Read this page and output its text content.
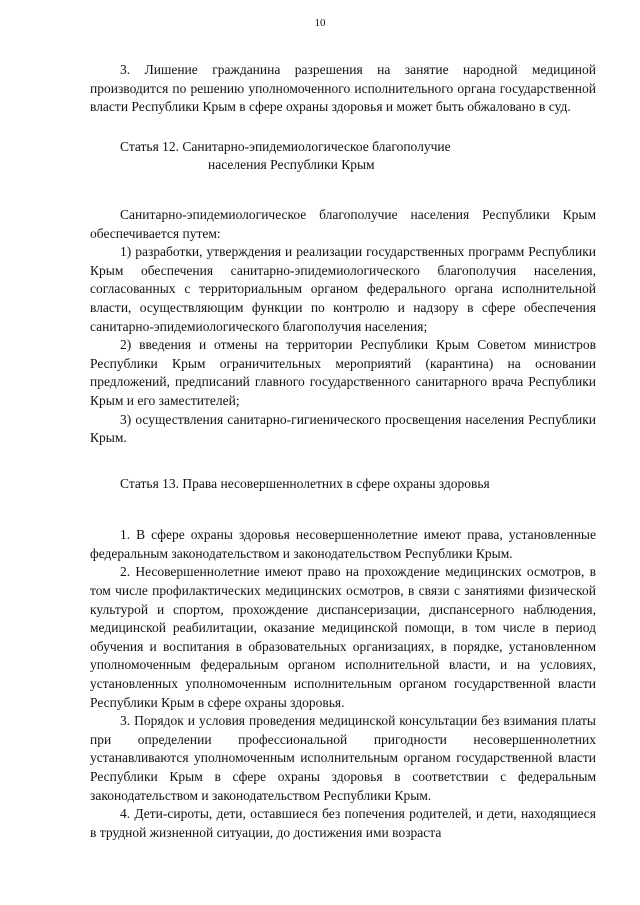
10

3. Лишение гражданина разрешения на занятие народной медициной производится по решению уполномоченного исполнительного органа государственной власти Республики Крым в сфере охраны здоровья и может быть обжаловано в суд.

Статья 12. Санитарно-эпидемиологическое благополучие
населения Республики Крым

Санитарно-эпидемиологическое благополучие населения Республики Крым обеспечивается путем:

1) разработки, утверждения и реализации государственных программ Республики Крым обеспечения санитарно-эпидемиологического благополучия населения, согласованных с территориальным органом федерального органа исполнительной власти, осуществляющим функции по контролю и надзору в сфере обеспечения санитарно-эпидемиологического благополучия населения;

2) введения и отмены на территории Республики Крым Советом министров Республики Крым ограничительных мероприятий (карантина) на основании предложений, предписаний главного государственного санитарного врача Республики Крым и его заместителей;

3) осуществления санитарно-гигиенического просвещения населения Республики Крым.

Статья 13. Права несовершеннолетних в сфере охраны здоровья

1. В сфере охраны здоровья несовершеннолетние имеют права, установленные федеральным законодательством и законодательством Республики Крым.

2. Несовершеннолетние имеют право на прохождение медицинских осмотров, в том числе профилактических медицинских осмотров, в связи с занятиями физической культурой и спортом, прохождение диспансеризации, диспансерного наблюдения, медицинской реабилитации, оказание медицинской помощи, в том числе в период обучения и воспитания в образовательных организациях, в порядке, установленном уполномоченным федеральным органом исполнительной власти, и на условиях, установленных уполномоченным исполнительным органом государственной власти Республики Крым в сфере охраны здоровья.

3. Порядок и условия проведения медицинской консультации без взимания платы при определении профессиональной пригодности несовершеннолетних устанавливаются уполномоченным исполнительным органом государственной власти Республики Крым в сфере охраны здоровья в соответствии с федеральным законодательством и законодательством Республики Крым.

4. Дети-сироты, дети, оставшиеся без попечения родителей, и дети, находящиеся в трудной жизненной ситуации, до достижения ими возраста
